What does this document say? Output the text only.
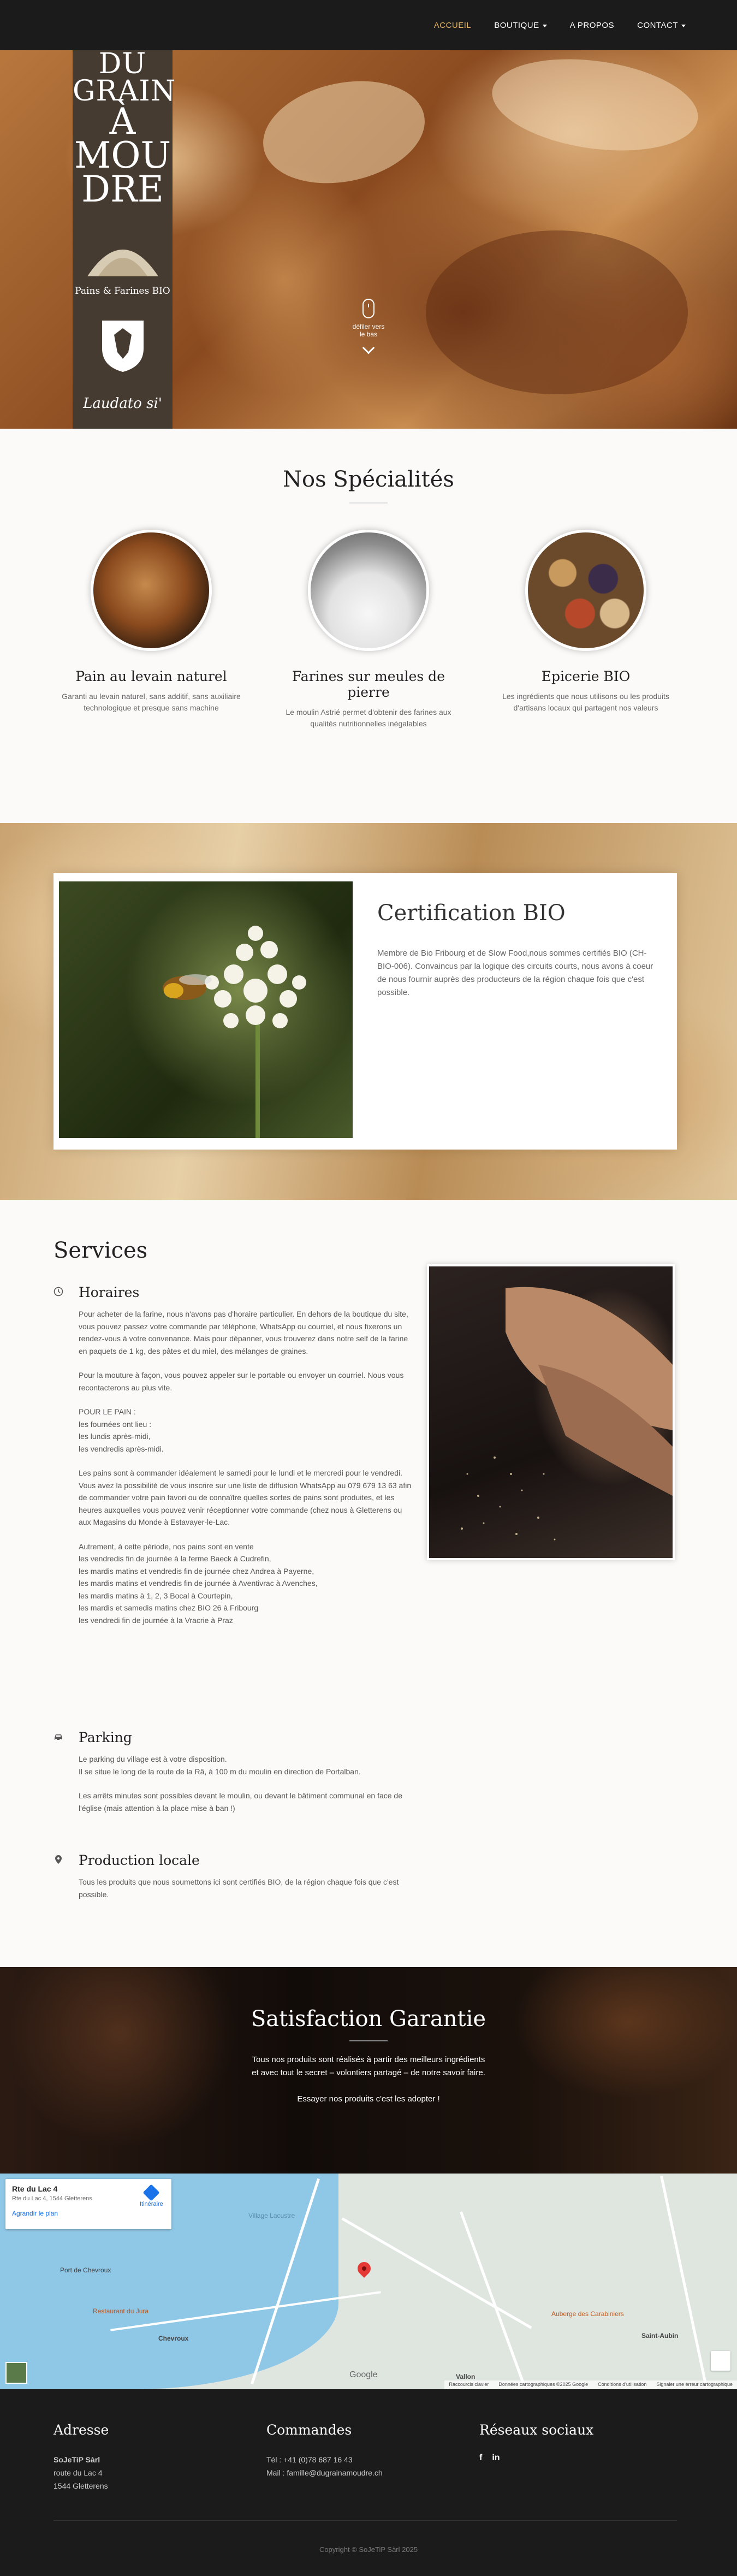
ACCUEIL	BOUTIQUE	A PROPOS	CONTACT
DU
GRAIN
À
MOU
DRE
Pains & Farines BIO
Laudato si'
défiler vers le bas
Nos Spécialités
Pain au levain naturel

Garanti au levain naturel, sans additif, sans auxiliaire technologique et presque sans machine

Farines sur meules de pierre

Le moulin Astrié permet d'obtenir des farines aux qualités nutritionnelles inégalables

Epicerie BIO

Les ingrédients que nous utilisons ou les produits d'artisans locaux qui partagent nos valeurs

Certification BIO

Membre de Bio Fribourg et de Slow Food,nous sommes certifiés BIO (CH-BIO-006). Convaincus par la logique des circuits courts, nous avons à coeur de nous fournir auprès des producteurs de la région chaque fois que c'est possible.

Services
Horaires

Pour acheter de la farine, nous n'avons pas d'horaire particulier. En dehors de la boutique du site, vous pouvez passez votre commande par téléphone, WhatsApp ou courriel, et nous fixerons un rendez-vous à votre convenance. Mais pour dépanner, vous trouverez dans notre self de la farine en paquets de 1 kg, des pâtes et du miel, des mélanges de graines.

Pour la mouture à façon, vous pouvez appeler sur le portable ou envoyer un courriel. Nous vous recontacterons au plus vite.

POUR LE PAIN :
les fournées ont lieu :
les lundis après-midi,
les vendredis après-midi.

Les pains sont à commander idéalement le samedi pour le lundi et le mercredi pour le vendredi. Vous avez la possibilité de vous inscrire sur une liste de diffusion WhatsApp au 079 679 13 63 afin de commander votre pain favori ou de connaître quelles sortes de pains sont produites, et les heures auxquelles vous pouvez venir réceptionner votre commande (chez nous à Gletterens ou aux Magasins du Monde à Estavayer-le-Lac.

Autrement, à cette période, nos pains sont en vente
les vendredis fin de journée à la ferme Baeck à Cudrefin,
les mardis matins et vendredis fin de journée chez Andrea à Payerne,
les mardis matins et vendredis fin de journée à Aventivrac à Avenches,
les mardis matins à 1, 2, 3 Bocal à Courtepin,
les mardis et samedis matins chez BIO 26 à Fribourg
les vendredi fin de journée à la Vracrie à Praz

Parking

Le parking du village est à votre disposition.
Il se situe le long de la route de la Râ, à 100 m du moulin en direction de Portalban.

Les arrêts minutes sont possibles devant le moulin, ou devant le bâtiment communal en face de l'église (mais attention à la place mise à ban !)

Production locale

Tous les produits que nous soumettons ici sont certifiés BIO, de la région chaque fois que c'est possible.

Satisfaction Garantie

Tous nos produits sont réalisés à partir des meilleurs ingrédients
et avec tout le secret – volontiers partagé – de notre savoir faire.

Essayer nos produits c'est les adopter !

Village Lacustre
Port de Chevroux
Restaurant du Jura
Chevroux
Auberge des Carabiniers
Saint-Aubin
Vallon
Rte du Lac 4
Rte du Lac 4, 1544 Gletterens
Agrandir le plan
Itinéraire
Google
Raccourcis clavier Données cartographiques ©2025 Google Conditions d'utilisation Signaler une erreur cartographique
Adresse

SoJeTiP Sàrl
route du Lac 4
1544 Gletterens

Commandes

Tél : +41 (0)78 687 16 43
Mail : famille@dugrainamoudre.ch

Réseaux sociaux
f in
Copyright © SoJeTiP Sàrl 2025
